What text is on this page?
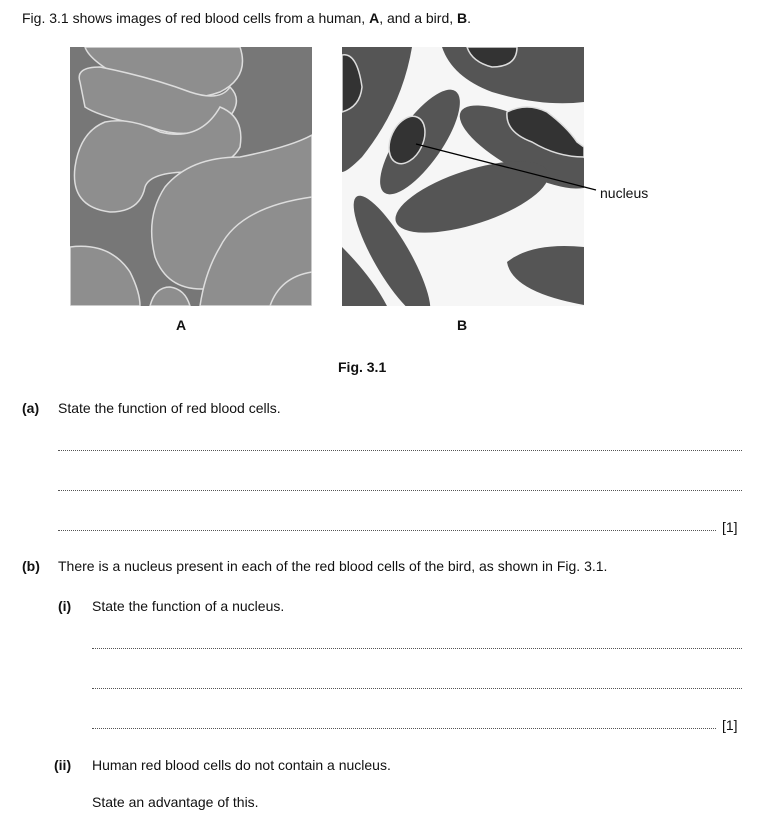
Fig. 3.1 shows images of red blood cells from a human, A, and a bird, B.
nucleus
A	B
Fig. 3.1
(a) State the function of red blood cells.
[1]
(b) There is a nucleus present in each of the red blood cells of the bird, as shown in Fig. 3.1.
(i) State the function of a nucleus.
[1]
(ii) Human red blood cells do not contain a nucleus.
State an advantage of this.
